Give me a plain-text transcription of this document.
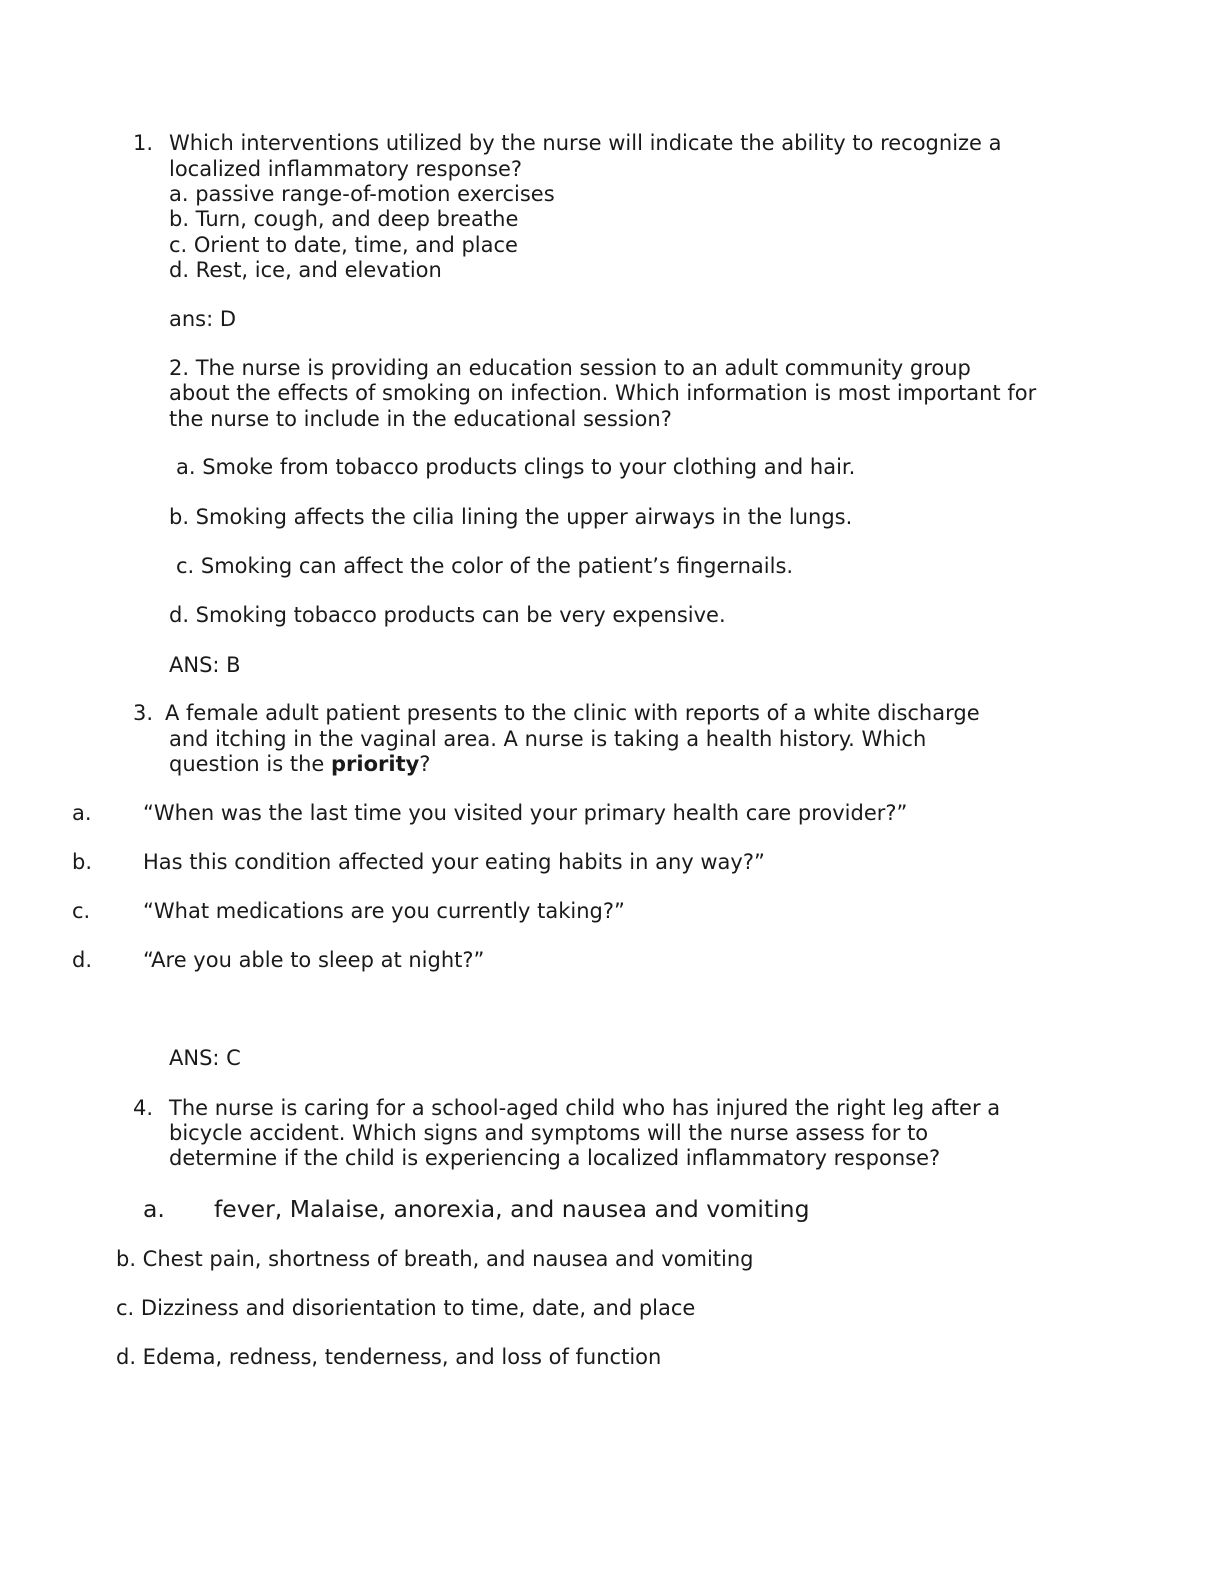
1. Which interventions utilized by the nurse will indicate the ability to recognize a

localized inflammatory response?

a. passive range-of-motion exercises

b. Turn, cough, and deep breathe

c. Orient to date, time, and place

d. Rest, ice, and elevation

ans: D

2. The nurse is providing an education session to an adult community group

about the effects of smoking on infection. Which information is most important for

the nurse to include in the educational session?

a. Smoke from tobacco products clings to your clothing and hair.

b. Smoking affects the cilia lining the upper airways in the lungs.

c. Smoking can affect the color of the patient’s fingernails.

d. Smoking tobacco products can be very expensive.

ANS: B

3. A female adult patient presents to the clinic with reports of a white discharge

and itching in the vaginal area. A nurse is taking a health history. Which

question is the priority?

a. “When was the last time you visited your primary health care provider?”

b. Has this condition affected your eating habits in any way?”

c.	“What medications are you currently taking?”

d. “Are you able to sleep at night?”

ANS: C

4. The nurse is caring for a school-aged child who has injured the right leg after a

bicycle accident. Which signs and symptoms will the nurse assess for to

determine if the child is experiencing a localized inflammatory response?

a. fever, Malaise, anorexia, and nausea and vomiting

b. Chest pain, shortness of breath, and nausea and vomiting

c. Dizziness and disorientation to time, date, and place

d. Edema, redness, tenderness, and loss of function
